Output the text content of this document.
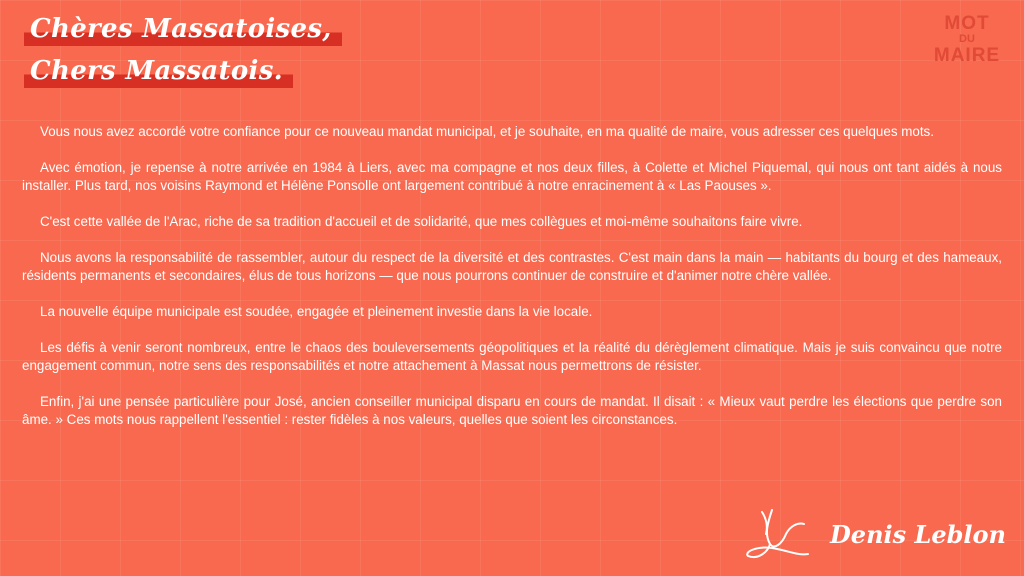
Chères Massatoises,
Chers Massatois.
MOT
DU
MAIRE

Vous nous avez accordé votre confiance pour ce nouveau mandat municipal, et je souhaite, en ma qualité de maire, vous adresser ces quelques mots.

Avec émotion, je repense à notre arrivée en 1984 à Liers, avec ma compagne et nos deux filles, à Colette et Michel Piquemal, qui nous ont tant aidés à nous installer. Plus tard, nos voisins Raymond et Hélène Ponsolle ont largement contribué à notre enracinement à « Las Paouses ».

C'est cette vallée de l'Arac, riche de sa tradition d'accueil et de solidarité, que mes collègues et moi-même souhaitons faire vivre.

Nous avons la responsabilité de rassembler, autour du respect de la diversité et des contrastes. C'est main dans la main — habitants du bourg et des hameaux, résidents permanents et secondaires, élus de tous horizons — que nous pourrons continuer de construire et d'animer notre chère vallée.

La nouvelle équipe municipale est soudée, engagée et pleinement investie dans la vie locale.

Les défis à venir seront nombreux, entre le chaos des bouleversements géopolitiques et la réalité du dérèglement climatique. Mais je suis convaincu que notre engagement commun, notre sens des responsabilités et notre attachement à Massat nous permettrons de résister.

Enfin, j'ai une pensée particulière pour José, ancien conseiller municipal disparu en cours de mandat. Il disait : « Mieux vaut perdre les élections que perdre son âme. » Ces mots nous rappellent l'essentiel : rester fidèles à nos valeurs, quelles que soient les circonstances.

Denis Leblon
